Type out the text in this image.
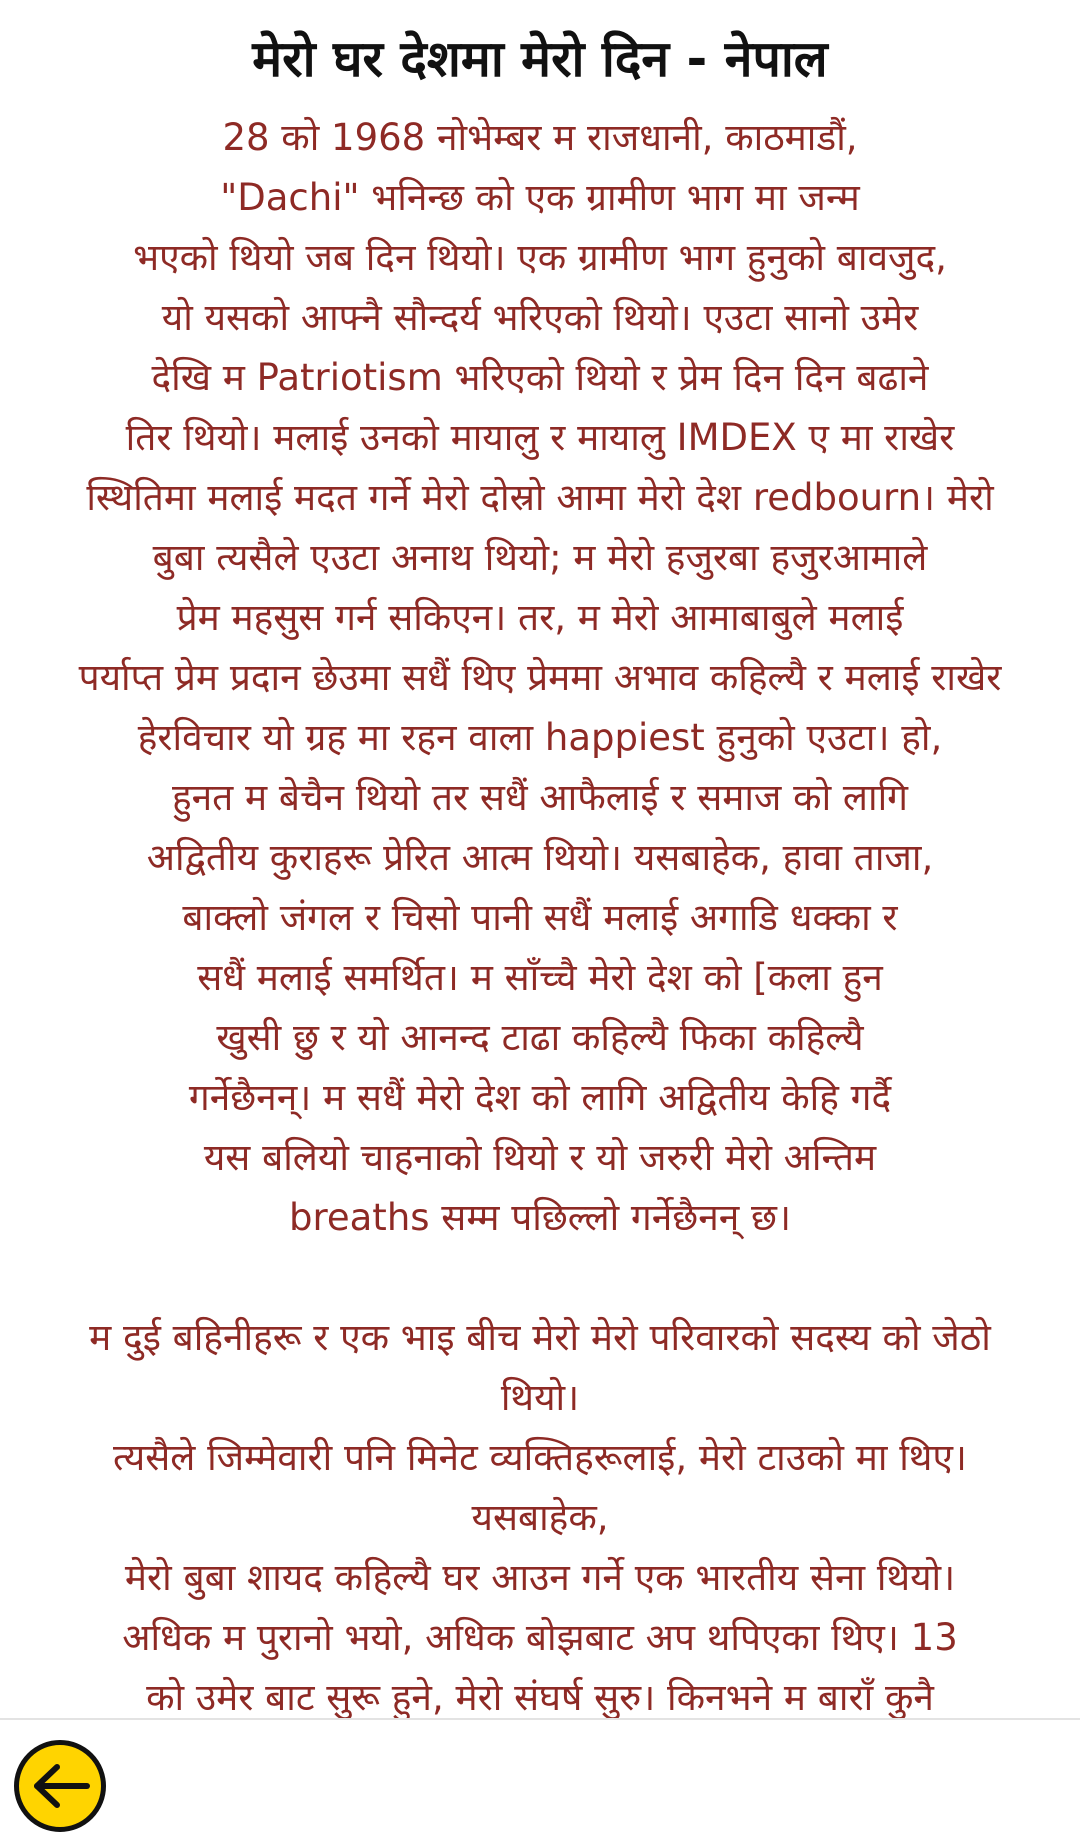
मेरो घर देशमा मेरो दिन - नेपाल
28 को 1968 नोभेम्बर म राजधानी, काठमाडौं,
"Dachi" भनिन्छ को एक ग्रामीण भाग मा जन्म
भएको थियो जब दिन थियो। एक ग्रामीण भाग हुनुको बावजुद,
यो यसको आफ्नै सौन्दर्य भरिएको थियो। एउटा सानो उमेर
देखि म Patriotism भरिएको थियो र प्रेम दिन दिन बढाने
तिर थियो। मलाई उनको मायालु र मायालु IMDEX ए मा राखेर
स्थितिमा मलाई मदत गर्ने मेरो दोस्रो आमा मेरो देश redbourn। मेरो
बुबा त्यसैले एउटा अनाथ थियो; म मेरो हजुरबा हजुरआमाले
प्रेम महसुस गर्न सकिएन। तर, म मेरो आमाबाबुले मलाई
पर्याप्त प्रेम प्रदान छेउमा सधैं थिए प्रेममा अभाव कहिल्यै र मलाई राखेर
हेरविचार यो ग्रह मा रहन वाला happiest हुनुको एउटा। हो,
हुनत म बेचैन थियो तर सधैं आफैलाई र समाज को लागि
अद्वितीय कुराहरू प्रेरित आत्म थियो। यसबाहेक, हावा ताजा,
बाक्लो जंगल र चिसो पानी सधैं मलाई अगाडि धक्का र
सधैं मलाई समर्थित। म साँच्चै मेरो देश को [कला हुन
खुसी छु र यो आनन्द टाढा कहिल्यै फिका कहिल्यै
गर्नेछैनन्। म सधैं मेरो देश को लागि अद्वितीय केहि गर्दै
यस बलियो चाहनाको थियो र यो जरुरी मेरो अन्तिम
breaths सम्म पछिल्लो गर्नेछैनन् छ।
म दुई बहिनीहरू र एक भाइ बीच मेरो मेरो परिवारको सदस्य को जेठो
थियो।
त्यसैले जिम्मेवारी पनि मिनेट व्यक्तिहरूलाई, मेरो टाउको मा थिए।
यसबाहेक,
मेरो बुबा शायद कहिल्यै घर आउन गर्ने एक भारतीय सेना थियो।
अधिक म पुरानो भयो, अधिक बोझबाट अप थपिएका थिए। 13
को उमेर बाट सुरू हुने, मेरो संघर्ष सुरु। किनभने म बाराँ कुनै
